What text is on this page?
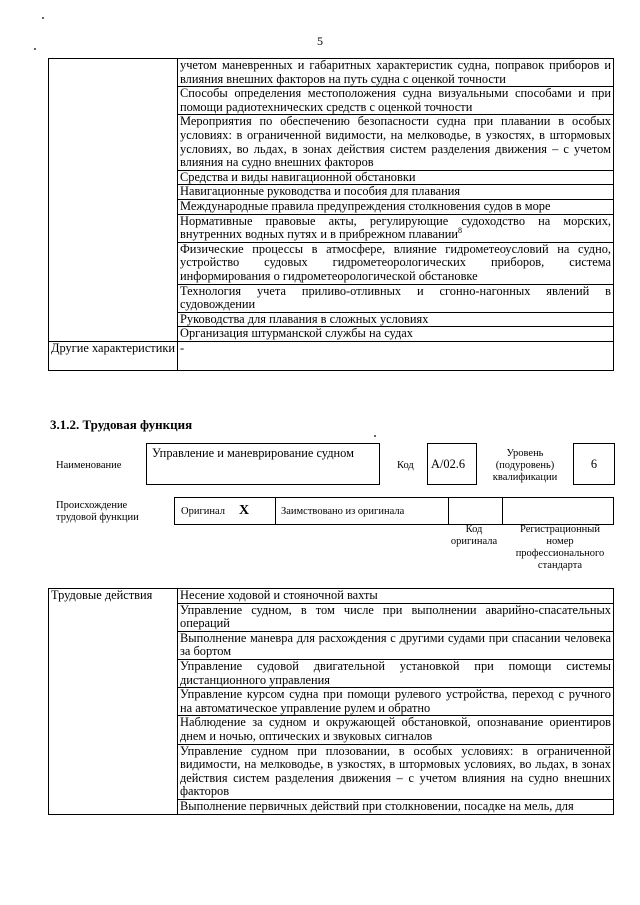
5
	учетом маневренных и габаритных характеристик судна, поправок приборов и влияния внешних факторов на путь судна с оценкой точности
	Способы определения местоположения судна визуальными способами и при помощи радиотехнических средств с оценкой точности
	Мероприятия по обеспечению безопасности судна при плавании в особых условиях: в ограниченной видимости, на мелководье, в узкостях, в штормовых условиях, во льдах, в зонах действия систем разделения движения – с учетом влияния на судно внешних факторов
	Средства и виды навигационной обстановки
	Навигационные руководства и пособия для плавания
	Международные правила предупреждения столкновения судов в море
	Нормативные правовые акты, регулирующие судоходство на морских, внутренних водных путях и в прибрежном плавании$^8$
	Физические процессы в атмосфере, влияние гидрометеоусловий на судно, устройство судовых гидрометеорологических приборов, система информирования о гидрометеорологической обстановке
	Технология учета приливо-отливных и сгонно-нагонных явлений в судовождении
	Руководства для плавания в сложных условиях
	Организация штурманской службы на судах
Другие характеристики	-
3.1.2. Трудовая функция
Наименование
Управление и маневрирование судном
Код A/02.6
Уровень (подуровень) квалификации
6
Происхождение трудовой функции
Оригинал X	Заимствовано из оригинала
Код оригинала
Регистрационный номер профессионального стандарта
Трудовые действия	Несение ходовой и стояночной вахты
Управление судном, в том числе при выполнении аварийно-спасательных операций
Выполнение маневра для расхождения с другими судами при спасании человека за бортом
Управление судовой двигательной установкой при помощи системы дистанционного управления
Управление курсом судна при помощи рулевого устройства, переход с ручного на автоматическое управление рулем и обратно
Наблюдение за судном и окружающей обстановкой, опознавание ориентиров днем и ночью, оптических и звуковых сигналов
Управление судном при плозовании, в особых условиях: в ограниченной видимости, на мелководье, в узкостях, в штормовых условиях, во льдах, в зонах действия систем разделения движения – с учетом влияния на судно внешних факторов
Выполнение первичных действий при столкновении, посадке на мель, для
